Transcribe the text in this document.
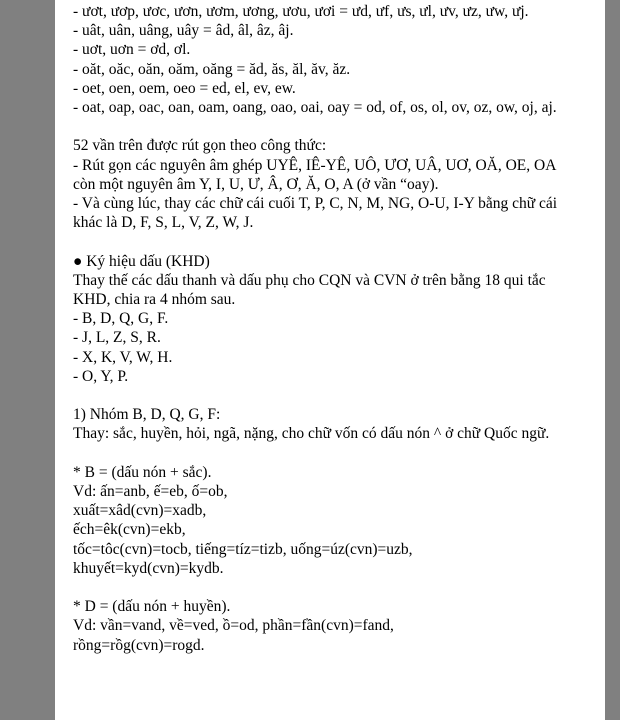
- ươt, ươp, ươc, ươn, ươm, ương, ươu, ươi = ưd, ưf, ưs, ưl, ưv, ưz, ưw, ưj.

- uât, uân, uâng, uây = âd, âl, âz, âj.

- uơt, uơn = ơd, ơl.

- oăt, oăc, oăn, oăm, oăng = ăd, ăs, ăl, ăv, ăz.

- oet, oen, oem, oeo = ed, el, ev, ew.

- oat, oap, oac, oan, oam, oang, oao, oai, oay = od, of, os, ol, ov, oz, ow, oj, aj.

52 vần trên được rút gọn theo công thức:

- Rút gọn các nguyên âm ghép UYÊ, IÊ-YÊ, UÔ, ƯƠ, UÂ, UƠ, OĂ, OE, OA còn một nguyên âm Y, I, U, Ư, Â, Ơ, Ă, O, A (ở vần “oay).

- Và cùng lúc, thay các chữ cái cuối T, P, C, N, M, NG, O-U, I-Y bằng chữ cái khác là D, F, S, L, V, Z, W, J.

● Ký hiệu dấu (KHD)

Thay thế các dấu thanh và dấu phụ cho CQN và CVN ở trên bằng 18 qui tắc KHD, chia ra 4 nhóm sau.

- B, D, Q, G, F.

- J, L, Z, S, R.

- X, K, V, W, H.

- O, Y, P.

1) Nhóm B, D, Q, G, F:

Thay: sắc, huyền, hỏi, ngã, nặng, cho chữ vốn có dấu nón ^ ở chữ Quốc ngữ.

* B = (dấu nón + sắc).

Vd: ấn=anb, ế=eb, ố=ob,

xuất=xâd(cvn)=xadb,

ếch=êk(cvn)=ekb,

tốc=tôc(cvn)=tocb, tiếng=tíz=tizb, uống=úz(cvn)=uzb,

khuyết=kyd(cvn)=kydb.

* D = (dấu nón + huyền).

Vd: vần=vand, về=ved, ồ=od, phần=fần(cvn)=fand,

rồng=rồg(cvn)=rogd.
